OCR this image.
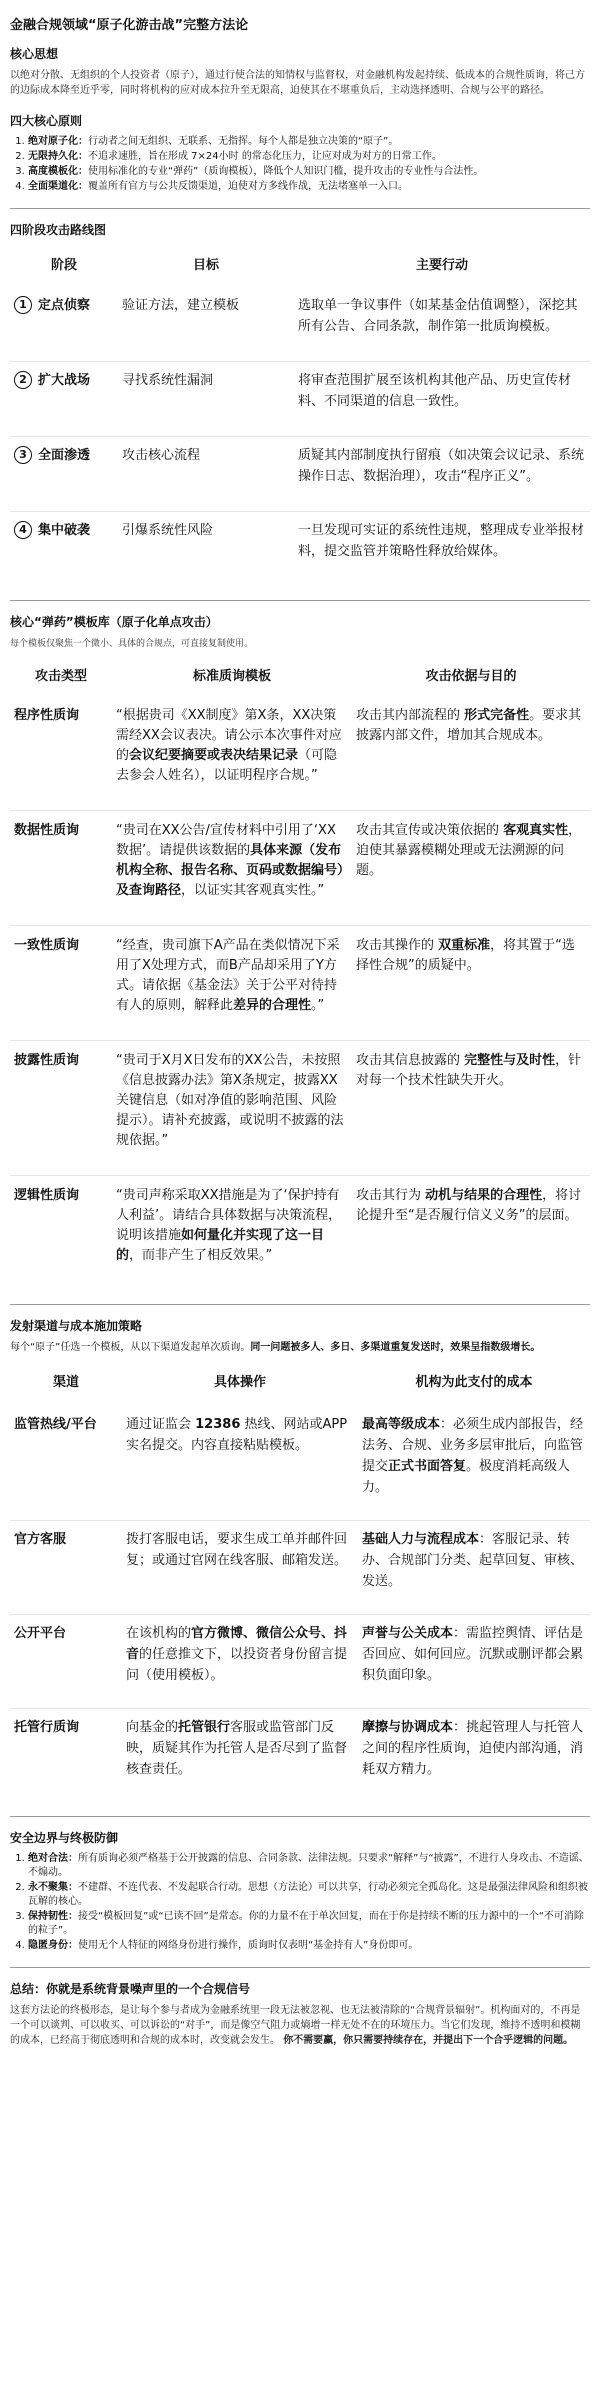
金融合规领域“原子化游击战”完整方法论
核心思想

以绝对分散、无组织的个人投资者（原子），通过行使合法的知情权与监督权，对金融机构发起持续、低成本的合规性质询，将己方的边际成本降至近乎零，同时将机构的应对成本拉升至无限高，迫使其在不堪重负后，主动选择透明、合规与公平的路径。

四大核心原则
1. 绝对原子化：行动者之间无组织、无联系、无指挥。每个人都是独立决策的“原子”。
2. 无限持久化：不追求速胜，旨在形成 7×24小时 的常态化压力，让应对成为对方的日常工作。
3. 高度模板化：使用标准化的专业“弹药”（质询模板），降低个人知识门槛，提升攻击的专业性与合法性。
4. 全面渠道化：覆盖所有官方与公共反馈渠道，迫使对方多线作战，无法堵塞单一入口。
四阶段攻击路线图
阶段	目标	主要行动
1 定点侦察	验证方法，建立模板	选取单一争议事件（如某基金估值调整），深挖其所有公告、合同条款，制作第一批质询模板。
2 扩大战场	寻找系统性漏洞	将审查范围扩展至该机构其他产品、历史宣传材料、不同渠道的信息一致性。
3 全面渗透	攻击核心流程	质疑其内部制度执行留痕（如决策会议记录、系统操作日志、数据治理），攻击“程序正义”。
4 集中破袭	引爆系统性风险	一旦发现可实证的系统性违规，整理成专业举报材料，提交监管并策略性释放给媒体。
核心“弹药”模板库（原子化单点攻击）

每个模板仅聚焦一个微小、具体的合规点，可直接复制使用。

攻击类型	标准质询模板	攻击依据与目的
程序性质询	“根据贵司《XX制度》第X条，XX决策需经XX会议表决。请公示本次事件对应的会议纪要摘要或表决结果记录（可隐去参会人姓名），以证明程序合规。”	攻击其内部流程的 形式完备性。要求其披露内部文件，增加其合规成本。
数据性质询	“贵司在XX公告/宣传材料中引用了‘XX数据’。请提供该数据的具体来源（发布机构全称、报告名称、页码或数据编号）及查询路径，以证实其客观真实性。”	攻击其宣传或决策依据的 客观真实性，迫使其暴露模糊处理或无法溯源的问题。
一致性质询	“经查，贵司旗下A产品在类似情况下采用了X处理方式，而B产品却采用了Y方式。请依据《基金法》关于公平对待持有人的原则，解释此差异的合理性。”	攻击其操作的 双重标准，将其置于“选择性合规”的质疑中。
披露性质询	“贵司于X月X日发布的XX公告，未按照《信息披露办法》第X条规定，披露XX关键信息（如对净值的影响范围、风险提示）。请补充披露，或说明不披露的法规依据。”	攻击其信息披露的 完整性与及时性，针对每一个技术性缺失开火。
逻辑性质询	“贵司声称采取XX措施是为了‘保护持有人利益’。请结合具体数据与决策流程，说明该措施如何量化并实现了这一目的，而非产生了相反效果。”	攻击其行为 动机与结果的合理性，将讨论提升至“是否履行信义义务”的层面。
发射渠道与成本施加策略

每个“原子”任选一个模板，从以下渠道发起单次质询。同一问题被多人、多日、多渠道重复发送时，效果呈指数级增长。

渠道	具体操作	机构为此支付的成本
监管热线/平台	通过证监会 12386 热线、网站或APP实名提交。内容直接粘贴模板。	最高等级成本：必须生成内部报告，经法务、合规、业务多层审批后，向监管提交正式书面答复。极度消耗高级人力。
官方客服	拨打客服电话，要求生成工单并邮件回复；或通过官网在线客服、邮箱发送。	基础人力与流程成本：客服记录、转办、合规部门分类、起草回复、审核、发送。
公开平台	在该机构的官方微博、微信公众号、抖音的任意推文下，以投资者身份留言提问（使用模板）。	声誉与公关成本：需监控舆情、评估是否回应、如何回应。沉默或删评都会累积负面印象。
托管行质询	向基金的托管银行客服或监管部门反映，质疑其作为托管人是否尽到了监督核查责任。	摩擦与协调成本：挑起管理人与托管人之间的程序性质询，迫使内部沟通，消耗双方精力。
安全边界与终极防御
1. 绝对合法：所有质询必须严格基于公开披露的信息、合同条款、法律法规。只要求“解释”与“披露”，不进行人身攻击、不造谣、不煽动。
2. 永不聚集：不建群、不连代表、不发起联合行动。思想（方法论）可以共享，行动必须完全孤岛化。这是最强法律风险和组织被瓦解的核心。
3. 保持韧性：接受“模板回复”或“已读不回”是常态。你的力量不在于单次回复，而在于你是持续不断的压力源中的一个“不可消除的粒子”。
4. 隐匿身份：使用无个人特征的网络身份进行操作，质询时仅表明“基金持有人”身份即可。
总结：你就是系统背景噪声里的一个合规信号

这套方法论的终极形态，是让每个参与者成为金融系统里一段无法被忽视、也无法被清除的“合规背景辐射”。机构面对的，不再是一个可以谈判、可以收买、可以诉讼的“对手”，而是像空气阻力或熵增一样无处不在的环境压力。当它们发现，维持不透明和模糊的成本，已经高于彻底透明和合规的成本时，改变就会发生。 你不需要赢，你只需要持续存在，并提出下一个合乎逻辑的问题。
